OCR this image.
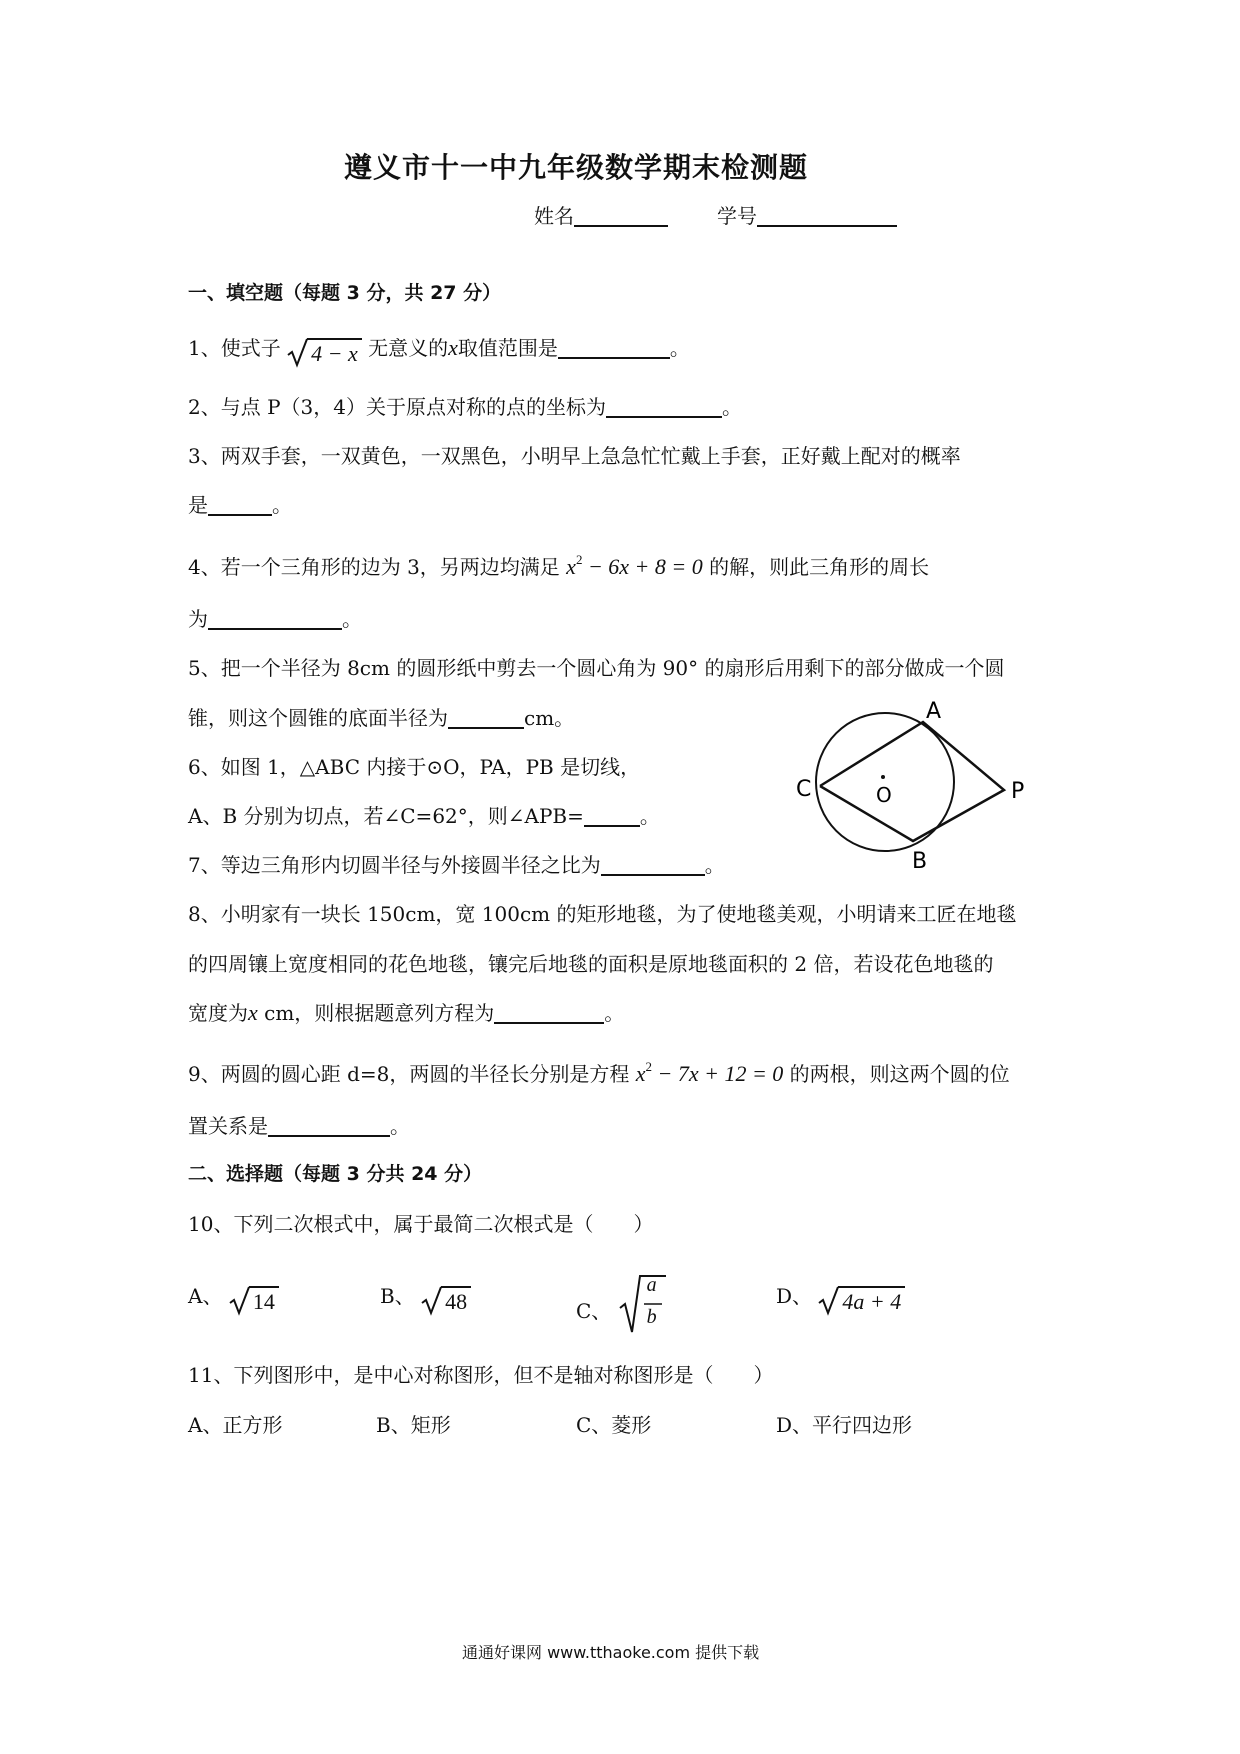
遵义市十一中九年级数学期末检测题
姓名	学号
一、填空题（每题 3 分，共 27 分）
1、使式子 4 − x 无意义的x取值范围是	。
2、与点 P（3，4）关于原点对称的点的坐标为	。
3、两双手套，一双黄色，一双黑色，小明早上急急忙忙戴上手套，正好戴上配对的概率
是	。
4、若一个三角形的边为 3，另两边均满足 $x^2 - 6x + 8 = 0$ 的解，则此三角形的周长
为	。
5、把一个半径为 8cm 的圆形纸中剪去一个圆心角为 90° 的扇形后用剩下的部分做成一个圆
锥，则这个圆锥的底面半径为	cm。
6、如图 1，△ABC 内接于⊙O，PA，PB 是切线，
A、B 分别为切点，若∠C=62°，则∠APB=	。
A
C	O	P
B
7、等边三角形内切圆半径与外接圆半径之比为	。
8、小明家有一块长 150cm，宽 100cm 的矩形地毯，为了使地毯美观，小明请来工匠在地毯
的四周镶上宽度相同的花色地毯，镶完后地毯的面积是原地毯面积的 2 倍，若设花色地毯的
宽度为x cm，则根据题意列方程为	。
9、两圆的圆心距 d=8，两圆的半径长分别是方程 $x^2 - 7x + 12 = 0$ 的两根，则这两个圆的位
置关系是	。
二、选择题（每题 3 分共 24 分）
10、下列二次根式中，属于最简二次根式是（　　）
A、 14	B、 48	C、
a
b
D、 4a + 4
11、下列图形中，是中心对称图形，但不是轴对称图形是（　　）
A、正方形	B、矩形	C、菱形	D、平行四边形
通通好课网 www.tthaoke.com 提供下载
